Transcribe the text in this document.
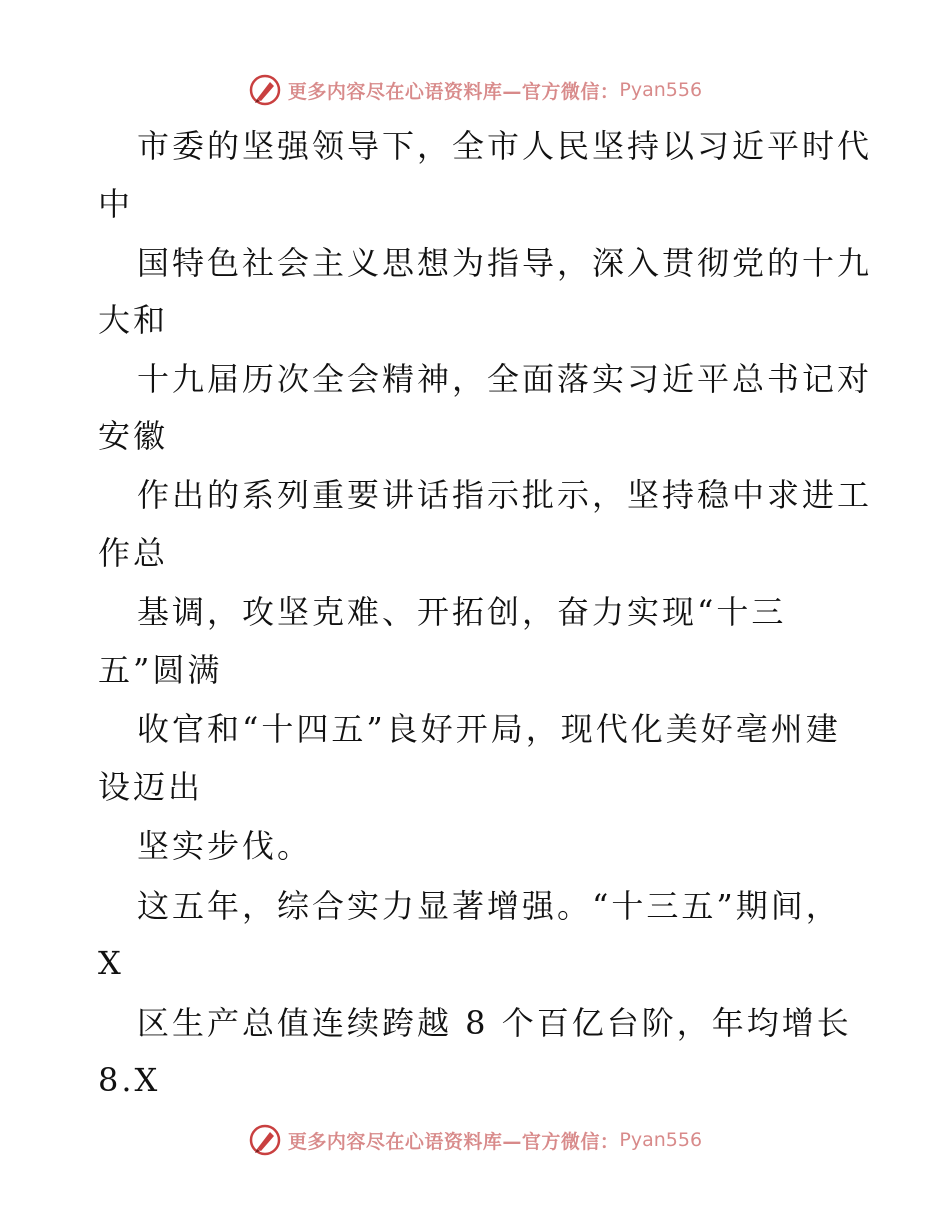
更多内容尽在心语资料库—官方微信： Pyan556
市委的坚强领导下，全市人民坚持以习近平时代
中
国特色社会主义思想为指导，深入贯彻党的十九
大和
十九届历次全会精神，全面落实习近平总书记对
安徽
作出的系列重要讲话指示批示，坚持稳中求进工
作总
基调，攻坚克难、开拓创，奋力实现“十三
五”圆满
收官和“十四五”良好开局，现代化美好亳州建
设迈出
坚实步伐。
这五年，综合实力显著增强。“十三五”期间，
X
区生产总值连续跨越 8 个百亿台阶，年均增长
8.X
更多内容尽在心语资料库—官方微信： Pyan556
